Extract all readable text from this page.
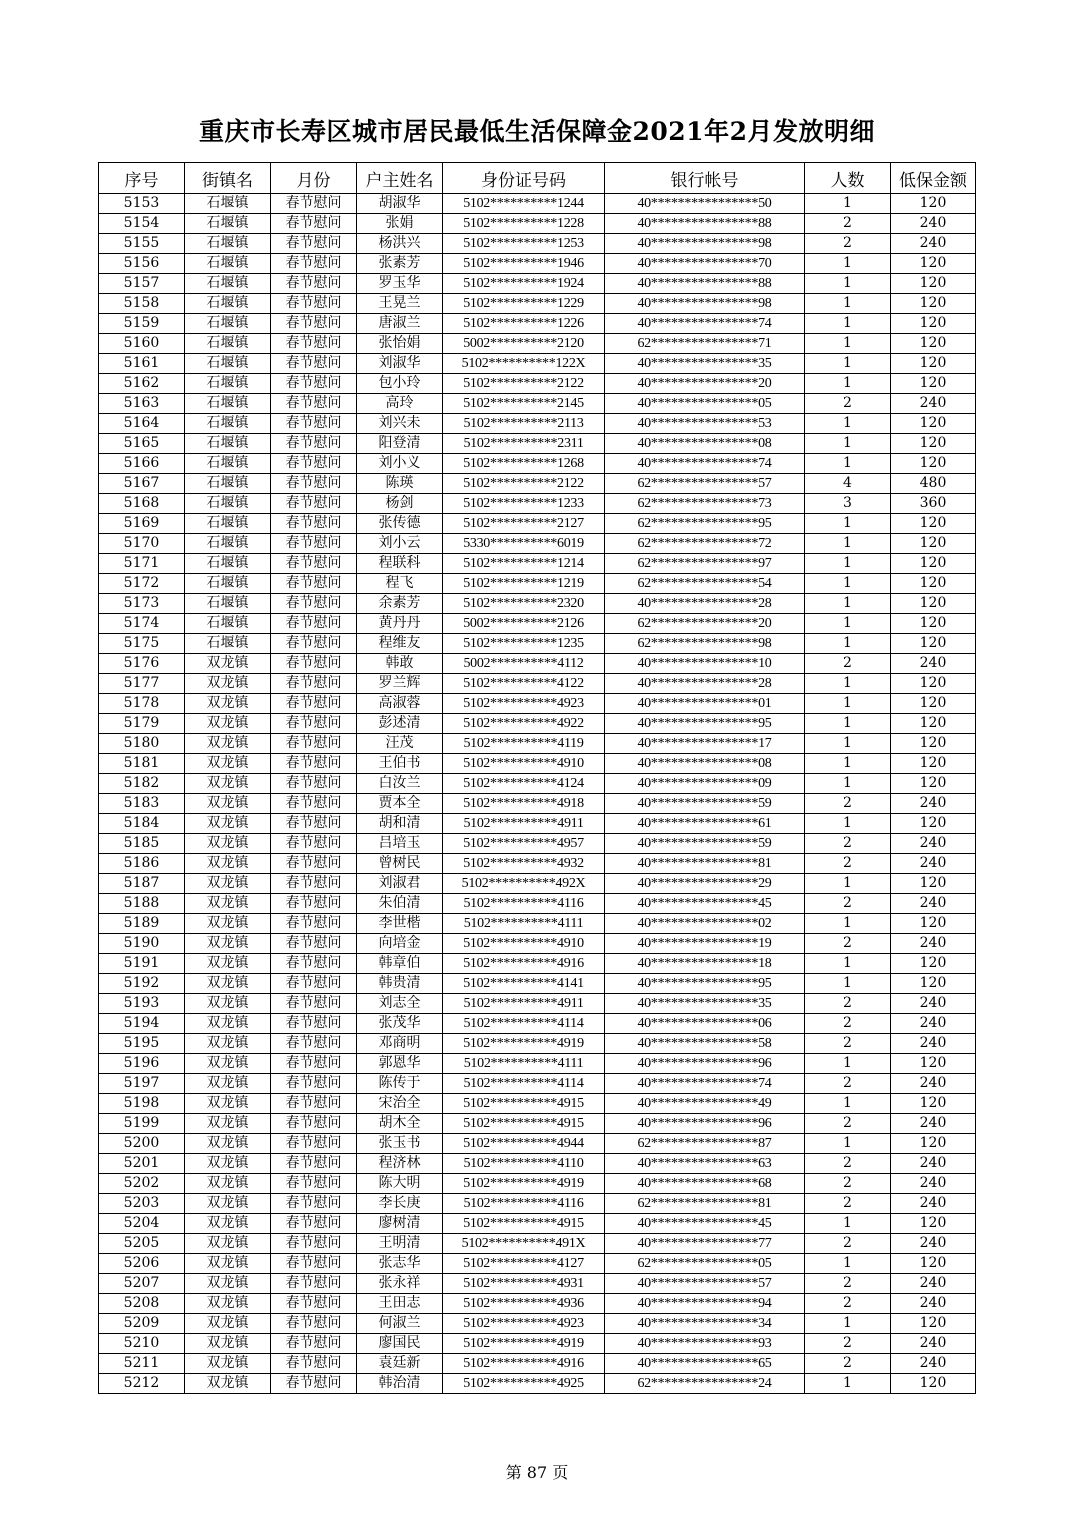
重庆市长寿区城市居民最低生活保障金2021年2月发放明细
序号	街镇名	月份	户主姓名	身份证号码	银行帐号	人数	低保金额
5153	石堰镇	春节慰问	胡淑华	5102**********1244	40****************50	1	120
5154	石堰镇	春节慰问	张娟	5102**********1228	40****************88	2	240
5155	石堰镇	春节慰问	杨洪兴	5102**********1253	40****************98	2	240
5156	石堰镇	春节慰问	张素芳	5102**********1946	40****************70	1	120
5157	石堰镇	春节慰问	罗玉华	5102**********1924	40****************88	1	120
5158	石堰镇	春节慰问	王晃兰	5102**********1229	40****************98	1	120
5159	石堰镇	春节慰问	唐淑兰	5102**********1226	40****************74	1	120
5160	石堰镇	春节慰问	张怡娟	5002**********2120	62****************71	1	120
5161	石堰镇	春节慰问	刘淑华	5102**********122X	40****************35	1	120
5162	石堰镇	春节慰问	包小玲	5102**********2122	40****************20	1	120
5163	石堰镇	春节慰问	高玲	5102**********2145	40****************05	2	240
5164	石堰镇	春节慰问	刘兴未	5102**********2113	40****************53	1	120
5165	石堰镇	春节慰问	阳登清	5102**********2311	40****************08	1	120
5166	石堰镇	春节慰问	刘小义	5102**********1268	40****************74	1	120
5167	石堰镇	春节慰问	陈瑛	5102**********2122	62****************57	4	480
5168	石堰镇	春节慰问	杨剑	5102**********1233	62****************73	3	360
5169	石堰镇	春节慰问	张传德	5102**********2127	62****************95	1	120
5170	石堰镇	春节慰问	刘小云	5330**********6019	62****************72	1	120
5171	石堰镇	春节慰问	程联科	5102**********1214	62****************97	1	120
5172	石堰镇	春节慰问	程飞	5102**********1219	62****************54	1	120
5173	石堰镇	春节慰问	余素芳	5102**********2320	40****************28	1	120
5174	石堰镇	春节慰问	黄丹丹	5002**********2126	62****************20	1	120
5175	石堰镇	春节慰问	程维友	5102**********1235	62****************98	1	120
5176	双龙镇	春节慰问	韩敢	5002**********4112	40****************10	2	240
5177	双龙镇	春节慰问	罗兰辉	5102**********4122	40****************28	1	120
5178	双龙镇	春节慰问	高淑蓉	5102**********4923	40****************01	1	120
5179	双龙镇	春节慰问	彭述清	5102**********4922	40****************95	1	120
5180	双龙镇	春节慰问	汪茂	5102**********4119	40****************17	1	120
5181	双龙镇	春节慰问	王伯书	5102**********4910	40****************08	1	120
5182	双龙镇	春节慰问	白汝兰	5102**********4124	40****************09	1	120
5183	双龙镇	春节慰问	贾本全	5102**********4918	40****************59	2	240
5184	双龙镇	春节慰问	胡和清	5102**********4911	40****************61	1	120
5185	双龙镇	春节慰问	吕培玉	5102**********4957	40****************59	2	240
5186	双龙镇	春节慰问	曾树民	5102**********4932	40****************81	2	240
5187	双龙镇	春节慰问	刘淑君	5102**********492X	40****************29	1	120
5188	双龙镇	春节慰问	朱伯清	5102**********4116	40****************45	2	240
5189	双龙镇	春节慰问	李世楷	5102**********4111	40****************02	1	120
5190	双龙镇	春节慰问	向培金	5102**********4910	40****************19	2	240
5191	双龙镇	春节慰问	韩章伯	5102**********4916	40****************18	1	120
5192	双龙镇	春节慰问	韩贵清	5102**********4141	40****************95	1	120
5193	双龙镇	春节慰问	刘志全	5102**********4911	40****************35	2	240
5194	双龙镇	春节慰问	张茂华	5102**********4114	40****************06	2	240
5195	双龙镇	春节慰问	邓商明	5102**********4919	40****************58	2	240
5196	双龙镇	春节慰问	郭恩华	5102**********4111	40****************96	1	120
5197	双龙镇	春节慰问	陈传于	5102**********4114	40****************74	2	240
5198	双龙镇	春节慰问	宋治全	5102**********4915	40****************49	1	120
5199	双龙镇	春节慰问	胡木全	5102**********4915	40****************96	2	240
5200	双龙镇	春节慰问	张玉书	5102**********4944	62****************87	1	120
5201	双龙镇	春节慰问	程济林	5102**********4110	40****************63	2	240
5202	双龙镇	春节慰问	陈大明	5102**********4919	40****************68	2	240
5203	双龙镇	春节慰问	李长庚	5102**********4116	62****************81	2	240
5204	双龙镇	春节慰问	廖树清	5102**********4915	40****************45	1	120
5205	双龙镇	春节慰问	王明清	5102**********491X	40****************77	2	240
5206	双龙镇	春节慰问	张志华	5102**********4127	62****************05	1	120
5207	双龙镇	春节慰问	张永祥	5102**********4931	40****************57	2	240
5208	双龙镇	春节慰问	王田志	5102**********4936	40****************94	2	240
5209	双龙镇	春节慰问	何淑兰	5102**********4923	40****************34	1	120
5210	双龙镇	春节慰问	廖国民	5102**********4919	40****************93	2	240
5211	双龙镇	春节慰问	袁廷新	5102**********4916	40****************65	2	240
5212	双龙镇	春节慰问	韩治清	5102**********4925	62****************24	1	120

第 87 页
